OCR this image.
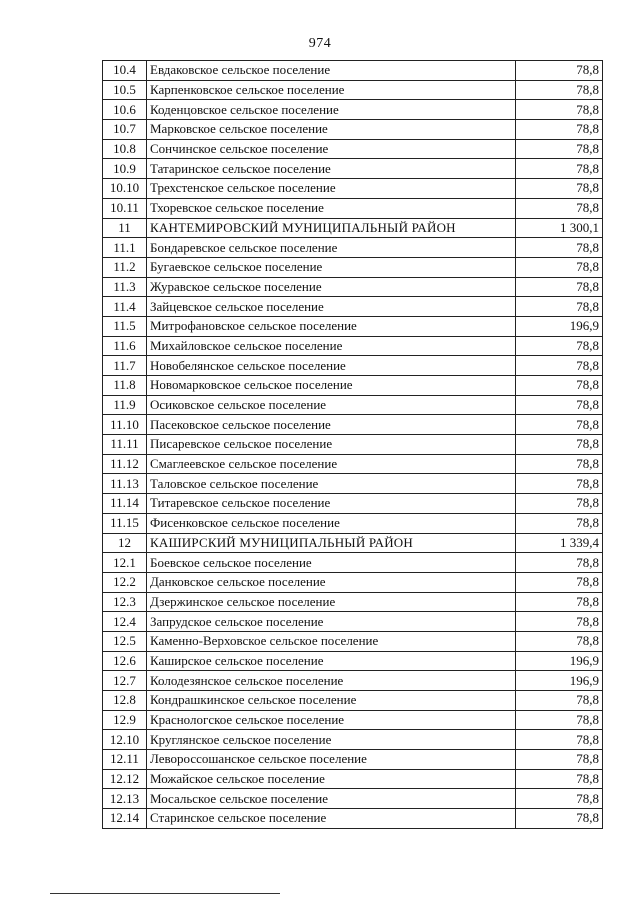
974
10.4	Евдаковское сельское поселение	78,8
10.5	Карпенковское сельское поселение	78,8
10.6	Коденцовское сельское поселение	78,8
10.7	Марковское сельское поселение	78,8
10.8	Сончинское сельское поселение	78,8
10.9	Татаринское сельское поселение	78,8
10.10	Трехстенское сельское поселение	78,8
10.11	Тхоревское сельское поселение	78,8
11	КАНТЕМИРОВСКИЙ МУНИЦИПАЛЬНЫЙ РАЙОН	1 300,1
11.1	Бондаревское сельское поселение	78,8
11.2	Бугаевское сельское поселение	78,8
11.3	Журавское сельское поселение	78,8
11.4	Зайцевское сельское поселение	78,8
11.5	Митрофановское сельское поселение	196,9
11.6	Михайловское сельское поселение	78,8
11.7	Новобелянское сельское поселение	78,8
11.8	Новомарковское сельское поселение	78,8
11.9	Осиковское сельское поселение	78,8
11.10	Пасековское сельское поселение	78,8
11.11	Писаревское сельское поселение	78,8
11.12	Смаглеевское сельское поселение	78,8
11.13	Таловское сельское поселение	78,8
11.14	Титаревское сельское поселение	78,8
11.15	Фисенковское сельское поселение	78,8
12	КАШИРСКИЙ МУНИЦИПАЛЬНЫЙ РАЙОН	1 339,4
12.1	Боевское сельское поселение	78,8
12.2	Данковское сельское поселение	78,8
12.3	Дзержинское сельское поселение	78,8
12.4	Запрудское сельское поселение	78,8
12.5	Каменно-Верховское сельское поселение	78,8
12.6	Каширское сельское поселение	196,9
12.7	Колодезянское сельское поселение	196,9
12.8	Кондрашкинское сельское поселение	78,8
12.9	Краснологское сельское поселение	78,8
12.10	Круглянское сельское поселение	78,8
12.11	Левороссошанское сельское поселение	78,8
12.12	Можайское сельское поселение	78,8
12.13	Мосальское сельское поселение	78,8
12.14	Старинское сельское поселение	78,8
